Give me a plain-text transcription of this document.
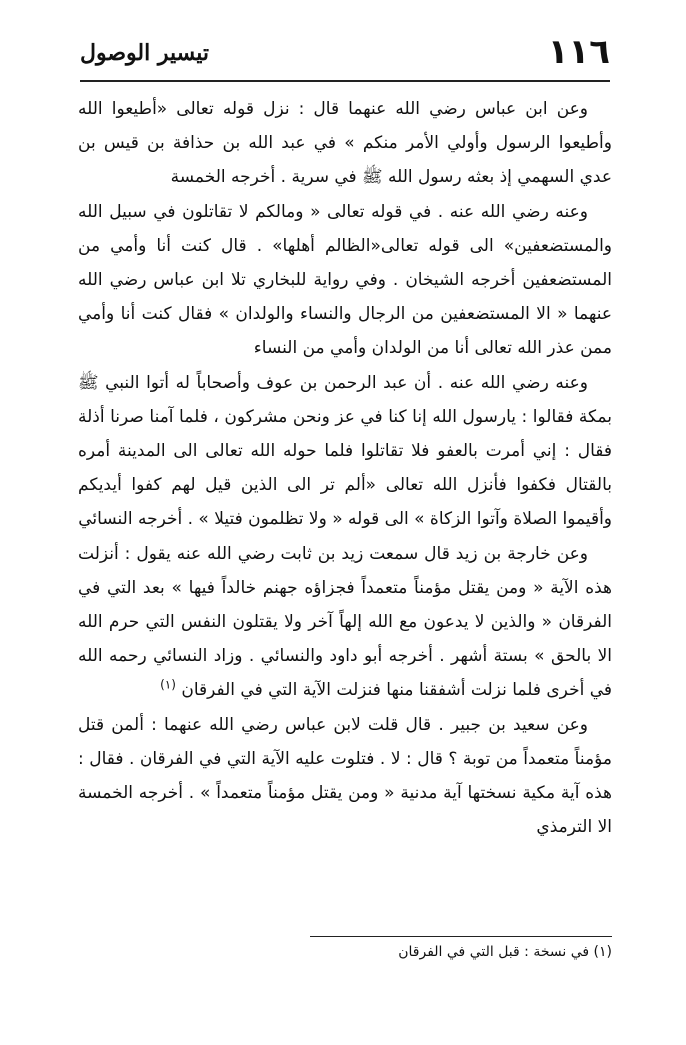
١١٦
تيسير الوصول

وعن ابن عباس رضي الله عنهما قال : نزل قوله تعالى «أطيعوا الله وأطيعوا الرسول وأولي الأمر منكم » في عبد الله بن حذافة بن قيس بن عدي السهمي إذ بعثه رسول الله ﷺ في سرية . أخرجه الخمسة

وعنه رضي الله عنه . في قوله تعالى « ومالكم لا تقاتلون في سبيل الله والمستضعفين» الى قوله تعالى«الظالم أهلها» . قال كنت أنا وأمي من المستضعفين أخرجه الشيخان . وفي رواية للبخاري تلا ابن عباس رضي الله عنهما « الا المستضعفين من الرجال والنساء والولدان » فقال كنت أنا وأمي ممن عذر الله تعالى أنا من الولدان وأمي من النساء

وعنه رضي الله عنه . أن عبد الرحمن بن عوف وأصحاباً له أتوا النبي ﷺ بمكة فقالوا : يارسول الله إنا كنا في عز ونحن مشركون ، فلما آمنا صرنا أذلة فقال : إني أمرت بالعفو فلا تقاتلوا فلما حوله الله تعالى الى المدينة أمره بالقتال فكفوا فأنزل الله تعالى «ألم تر الى الذين قيل لهم كفوا أيديكم وأقيموا الصلاة وآتوا الزكاة » الى قوله « ولا تظلمون فتيلا » . أخرجه النسائي

وعن خارجة بن زيد قال سمعت زيد بن ثابت رضي الله عنه يقول : أنزلت هذه الآية « ومن يقتل مؤمناً متعمداً فجزاؤه جهنم خالداً فيها » بعد التي في الفرقان « والذين لا يدعون مع الله إلهاً آخر ولا يقتلون النفس التي حرم الله الا بالحق » بستة أشهر . أخرجه أبو داود والنسائي . وزاد النسائي رحمه الله في أخرى فلما نزلت أشفقنا منها فنزلت الآية التي في الفرقان $^{(١)}$

وعن سعيد بن جبير . قال قلت لابن عباس رضي الله عنهما : ألمن قتل مؤمناً متعمداً من توبة ؟ قال : لا . فتلوت عليه الآية التي في الفرقان . فقال : هذه آية مكية نسختها آية مدنية « ومن يقتل مؤمناً متعمداً » . أخرجه الخمسة الا الترمذي

(١) في نسخة : قبل التي في الفرقان
